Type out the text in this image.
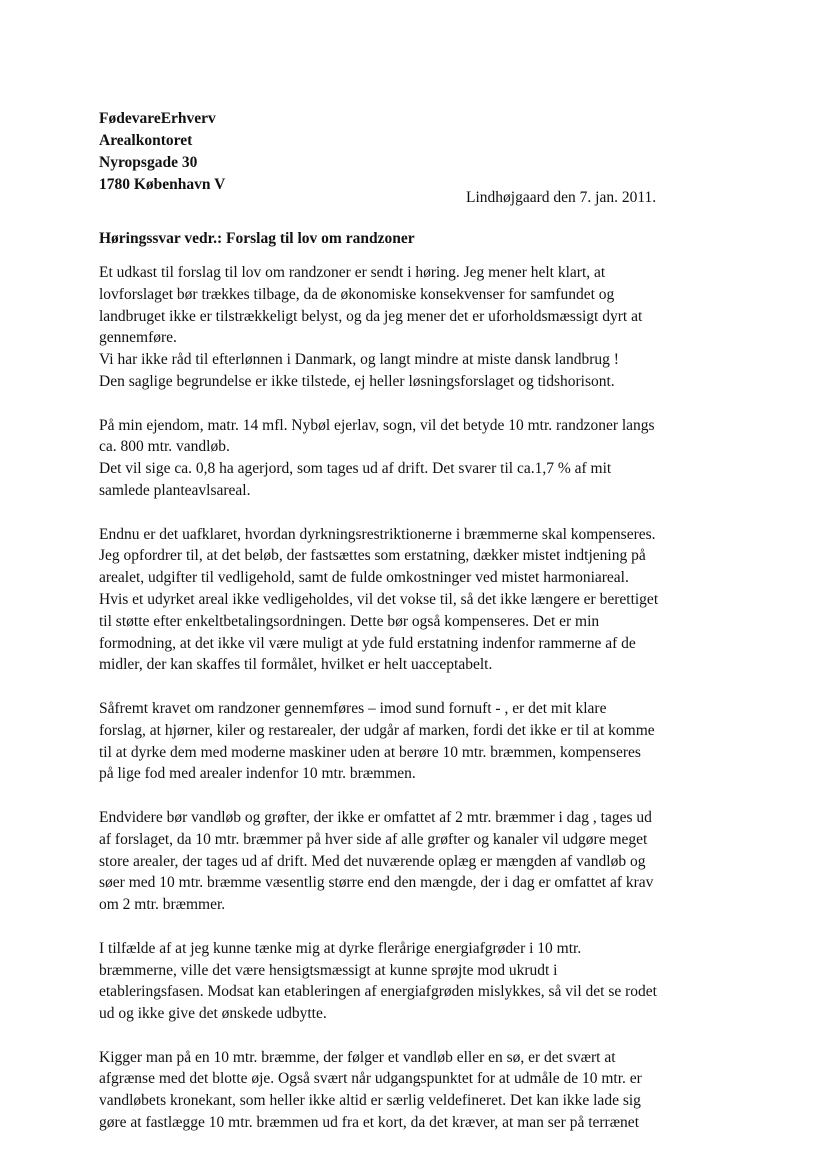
FødevareErhverv
Arealkontoret
Nyropsgade 30
1780 København V
Lindhøjgaard den 7. jan. 2011.
Høringssvar vedr.: Forslag til lov om randzoner

Et udkast til forslag til lov om randzoner er sendt i høring. Jeg mener helt klart, at
lovforslaget bør trækkes tilbage, da de økonomiske konsekvenser for samfundet og
landbruget ikke er tilstrækkeligt belyst, og da jeg mener det er uforholdsmæssigt dyrt at
gennemføre.
Vi har ikke råd til efterlønnen i Danmark, og langt mindre at miste dansk landbrug !
Den saglige begrundelse er ikke tilstede, ej heller løsningsforslaget og tidshorisont.

På min ejendom, matr. 14 mfl. Nybøl ejerlav, sogn, vil det betyde 10 mtr. randzoner langs
ca. 800 mtr. vandløb.
Det vil sige ca. 0,8 ha agerjord, som tages ud af drift. Det svarer til ca.1,7 % af mit
samlede planteavlsareal.

Endnu er det uafklaret, hvordan dyrkningsrestriktionerne i bræmmerne skal kompenseres.
Jeg opfordrer til, at det beløb, der fastsættes som erstatning, dækker mistet indtjening på
arealet, udgifter til vedligehold, samt de fulde omkostninger ved mistet harmoniareal.
Hvis et udyrket areal ikke vedligeholdes, vil det vokse til, så det ikke længere er berettiget
til støtte efter enkeltbetalingsordningen. Dette bør også kompenseres. Det er min
formodning, at det ikke vil være muligt at yde fuld erstatning indenfor rammerne af de
midler, der kan skaffes til formålet, hvilket er helt uacceptabelt.

Såfremt kravet om randzoner gennemføres – imod sund fornuft - , er det mit klare
forslag, at hjørner, kiler og restarealer, der udgår af marken, fordi det ikke er til at komme
til at dyrke dem med moderne maskiner uden at berøre 10 mtr. bræmmen, kompenseres
på lige fod med arealer indenfor 10 mtr. bræmmen.

Endvidere bør vandløb og grøfter, der ikke er omfattet af 2 mtr. bræmmer i dag , tages ud
af forslaget, da 10 mtr. bræmmer på hver side af alle grøfter og kanaler vil udgøre meget
store arealer, der tages ud af drift. Med det nuværende oplæg er mængden af vandløb og
søer med 10 mtr. bræmme væsentlig større end den mængde, der i dag er omfattet af krav
om 2 mtr. bræmmer.

I tilfælde af at jeg kunne tænke mig at dyrke flerårige energiafgrøder i 10 mtr.
bræmmerne, ville det være hensigtsmæssigt at kunne sprøjte mod ukrudt i
etableringsfasen. Modsat kan etableringen af energiafgrøden mislykkes, så vil det se rodet
ud og ikke give det ønskede udbytte.

Kigger man på en 10 mtr. bræmme, der følger et vandløb eller en sø, er det svært at
afgrænse med det blotte øje. Også svært når udgangspunktet for at udmåle de 10 mtr. er
vandløbets kronekant, som heller ikke altid er særlig veldefineret. Det kan ikke lade sig
gøre at fastlægge 10 mtr. bræmmen ud fra et kort, da det kræver, at man ser på terrænet
